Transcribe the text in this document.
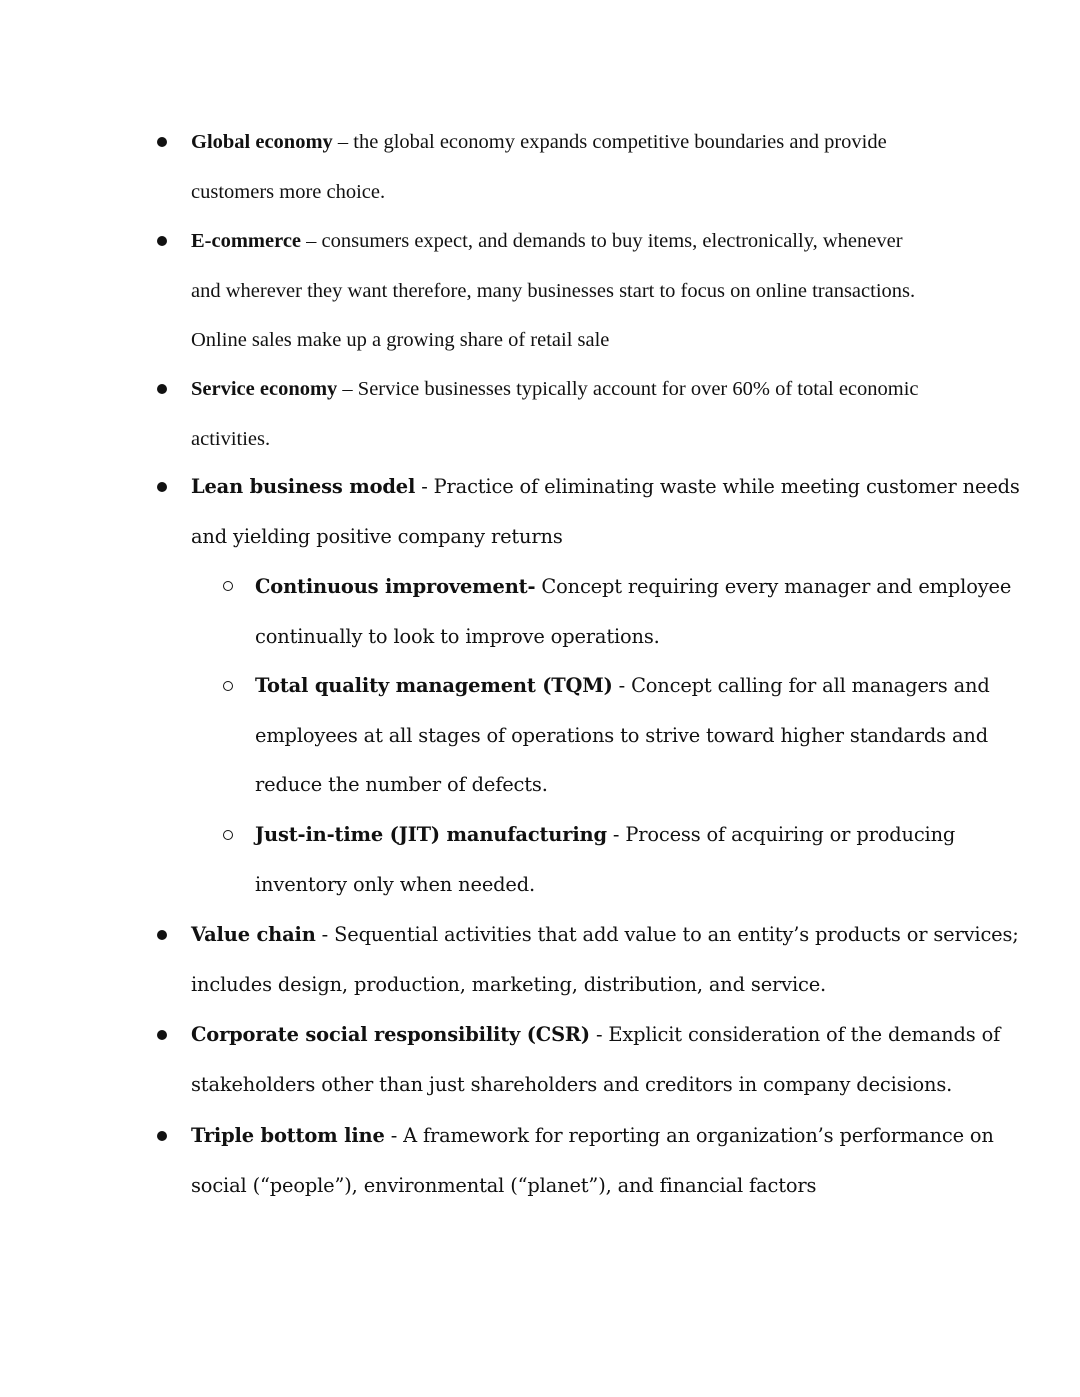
Global economy – the global economy expands competitive boundaries and provide
customers more choice.
E-commerce – consumers expect, and demands to buy items, electronically, whenever
and wherever they want therefore, many businesses start to focus on online transactions.
Online sales make up a growing share of retail sale
Service economy – Service businesses typically account for over 60% of total economic
activities.
Lean business model - Practice of eliminating waste while meeting customer needs
and yielding positive company returns
Continuous improvement- Concept requiring every manager and employee
continually to look to improve operations.
Total quality management (TQM) - Concept calling for all managers and
employees at all stages of operations to strive toward higher standards and
reduce the number of defects.
Just-in-time (JIT) manufacturing - Process of acquiring or producing
inventory only when needed.
Value chain - Sequential activities that add value to an entity’s products or services;
includes design, production, marketing, distribution, and service.
Corporate social responsibility (CSR) - Explicit consideration of the demands of
stakeholders other than just shareholders and creditors in company decisions.
Triple bottom line - A framework for reporting an organization’s performance on
social (“people”), environmental (“planet”), and financial factors
